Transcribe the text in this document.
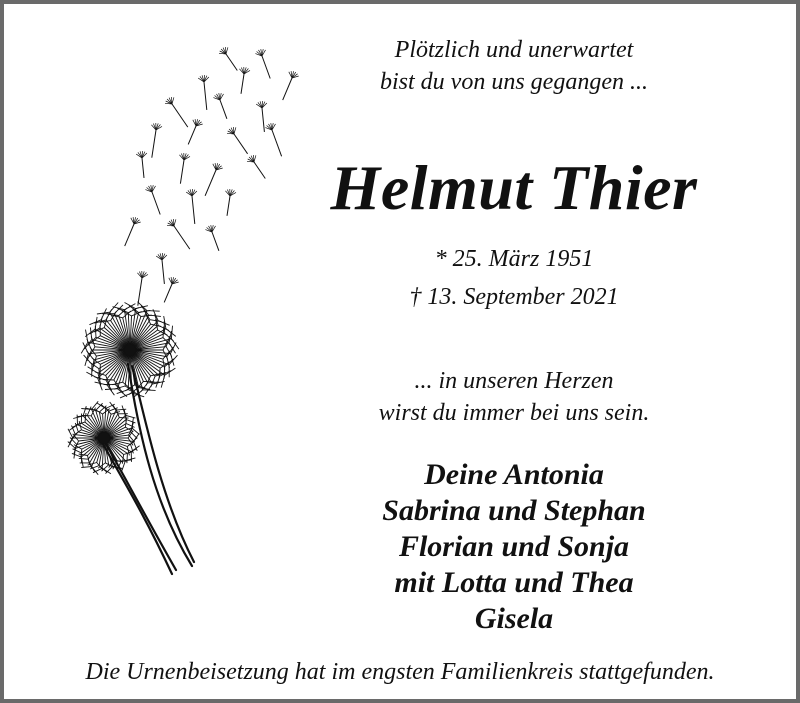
Plötzlich und unerwartet
bist du von uns gegangen ...
Helmut Thier
* 25. März 1951
† 13. September 2021
... in unseren Herzen
wirst du immer bei uns sein.
Deine Antonia
Sabrina und Stephan
Florian und Sonja
mit Lotta und Thea
Gisela
Die Urnenbeisetzung hat im engsten Familienkreis stattgefunden.
